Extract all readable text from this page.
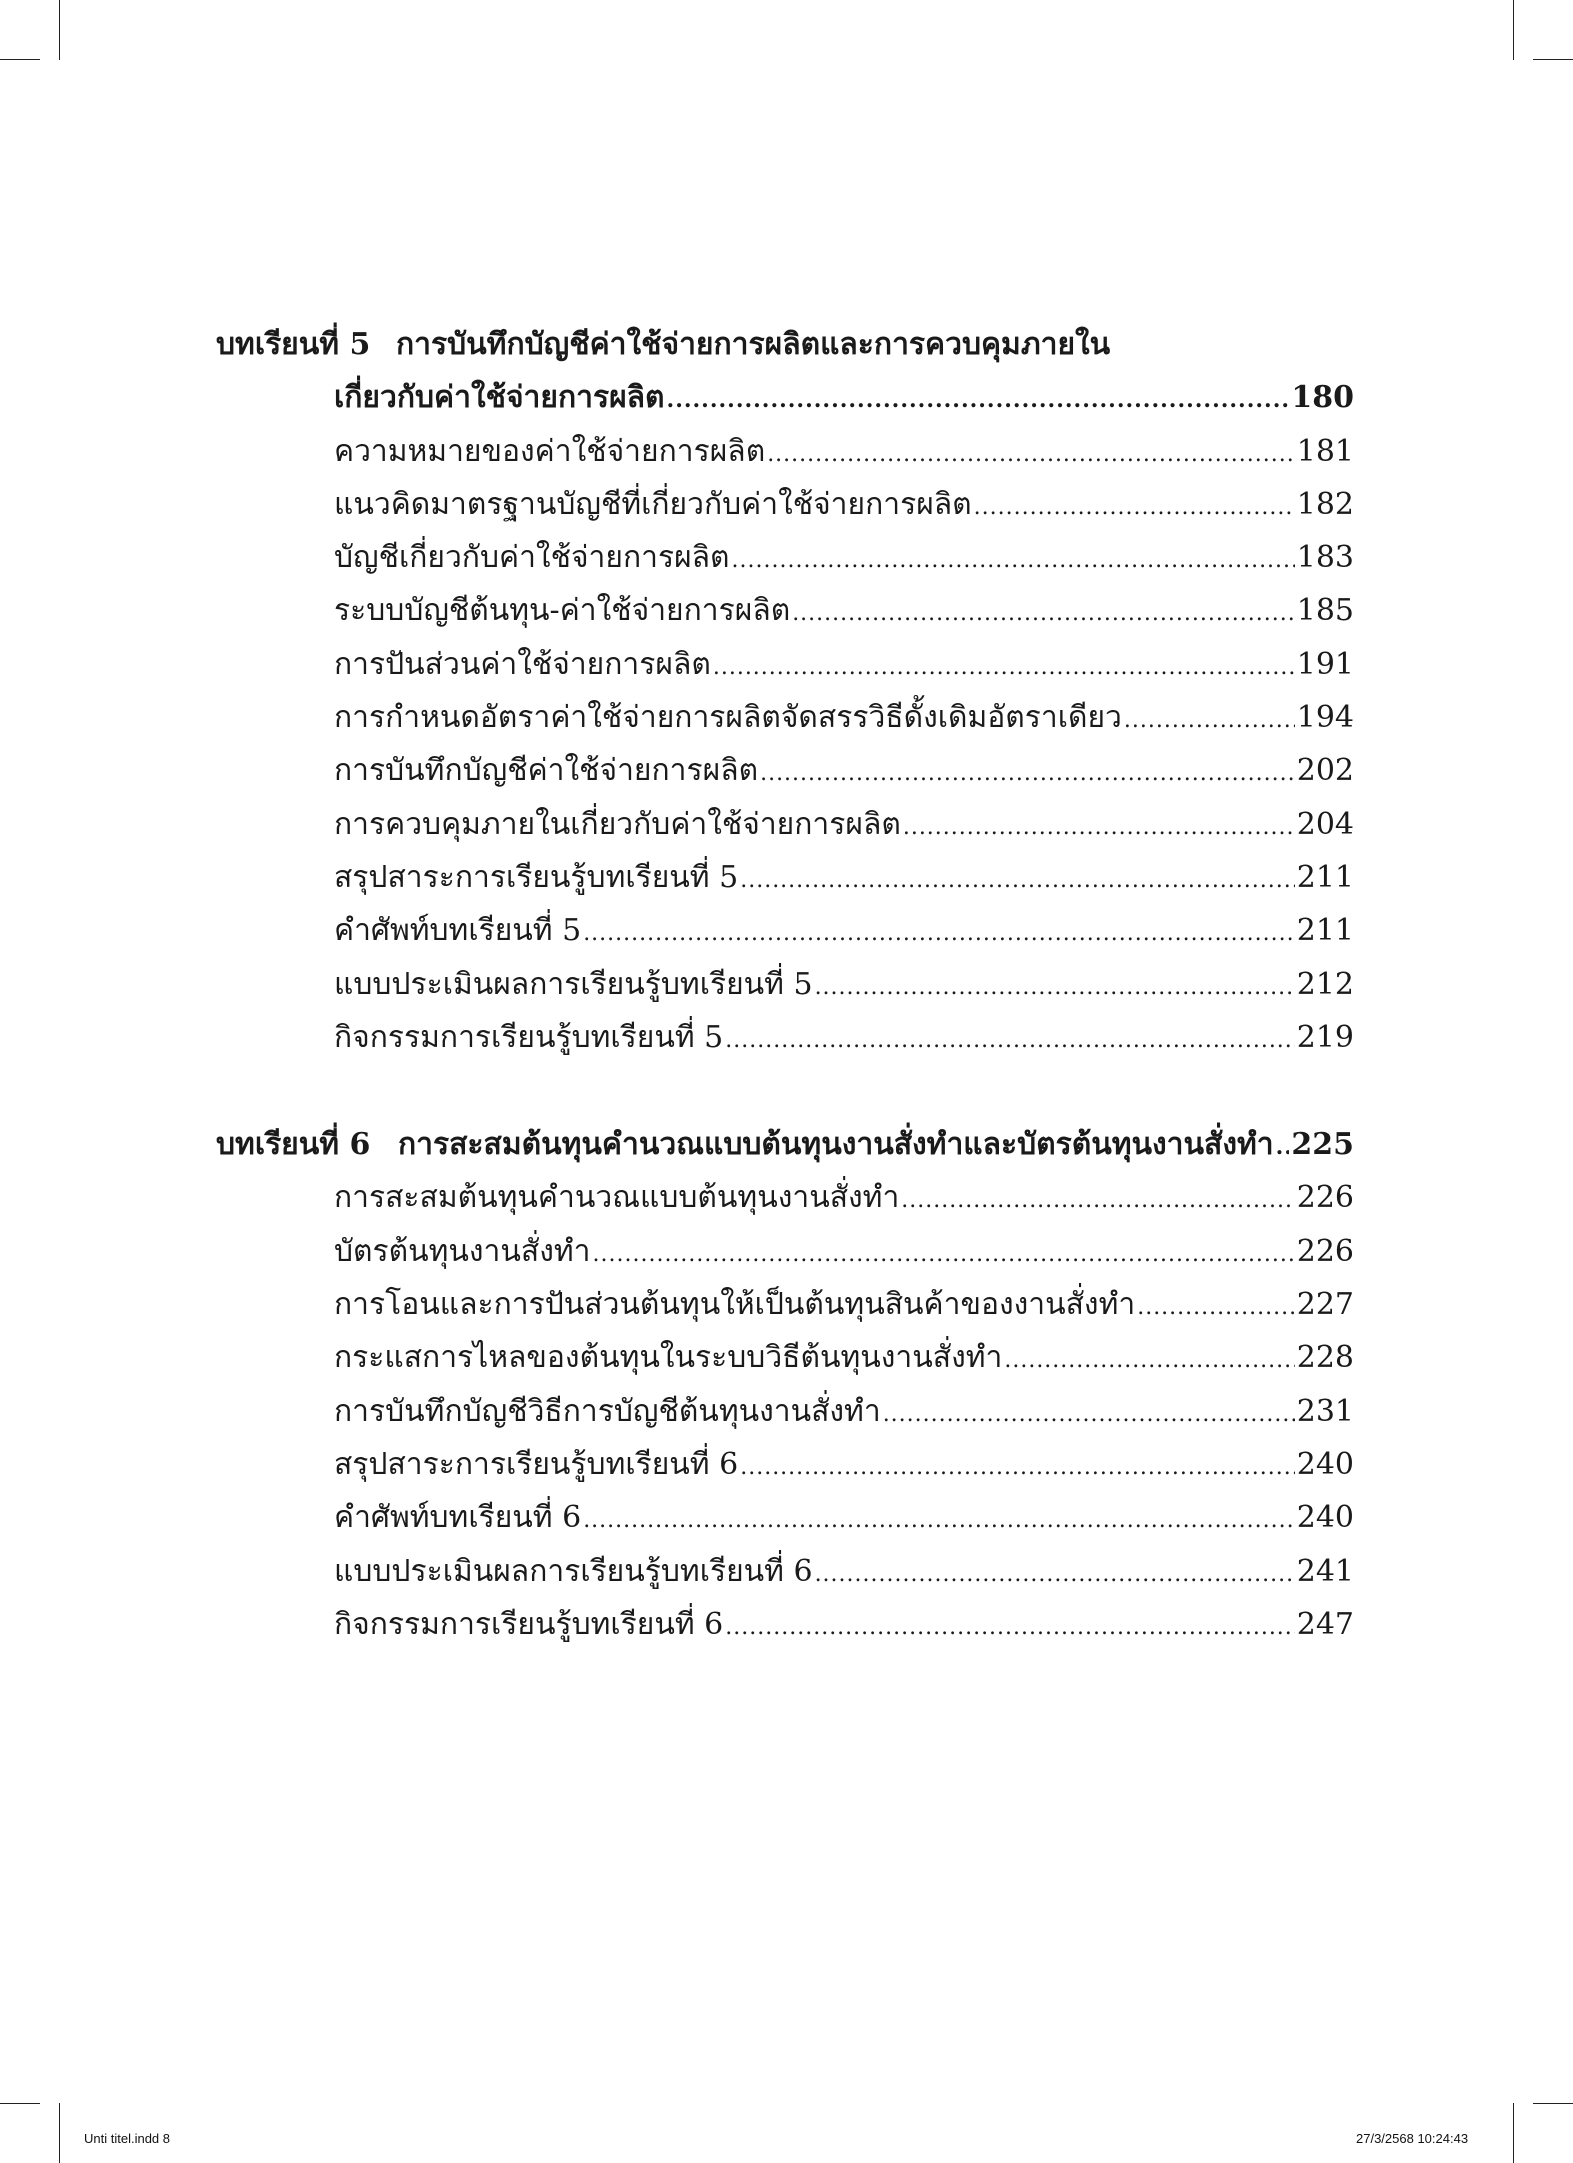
บทเรียนที่ 5 การบันทึกบัญชีค่าใช้จ่ายการผลิตและการควบคุมภายใน
เกี่ยวกับค่าใช้จ่ายการผลิต .....	180
ความหมายของค่าใช้จ่ายการผลิต .....	181
แนวคิดมาตรฐานบัญชีที่เกี่ยวกับค่าใช้จ่ายการผลิต .....	182
บัญชีเกี่ยวกับค่าใช้จ่ายการผลิต .....	183
ระบบบัญชีต้นทุน-ค่าใช้จ่ายการผลิต .....	185
การปันส่วนค่าใช้จ่ายการผลิต .....	191
การกำหนดอัตราค่าใช้จ่ายการผลิตจัดสรรวิธีดั้งเดิมอัตราเดียว .....	194
การบันทึกบัญชีค่าใช้จ่ายการผลิต .....	202
การควบคุมภายในเกี่ยวกับค่าใช้จ่ายการผลิต .....	204
สรุปสาระการเรียนรู้บทเรียนที่ 5 .....	211
คำศัพท์บทเรียนที่ 5 .....	211
แบบประเมินผลการเรียนรู้บทเรียนที่ 5 .....	212
กิจกรรมการเรียนรู้บทเรียนที่ 5 .....	219
บทเรียนที่ 6 การสะสมต้นทุนคำนวณแบบต้นทุนงานสั่งทำและบัตรต้นทุนงานสั่งทำ ..... 225
การสะสมต้นทุนคำนวณแบบต้นทุนงานสั่งทำ .....	226
บัตรต้นทุนงานสั่งทำ .....	226
การโอนและการปันส่วนต้นทุนให้เป็นต้นทุนสินค้าของงานสั่งทำ .....	227
กระแสการไหลของต้นทุนในระบบวิธีต้นทุนงานสั่งทำ .....	228
การบันทึกบัญชีวิธีการบัญชีต้นทุนงานสั่งทำ .....	231
สรุปสาระการเรียนรู้บทเรียนที่ 6 .....	240
คำศัพท์บทเรียนที่ 6 .....	240
แบบประเมินผลการเรียนรู้บทเรียนที่ 6 .....	241
กิจกรรมการเรียนรู้บทเรียนที่ 6 .....	247
Unti titel.indd 8	27/3/2568 10:24:43
